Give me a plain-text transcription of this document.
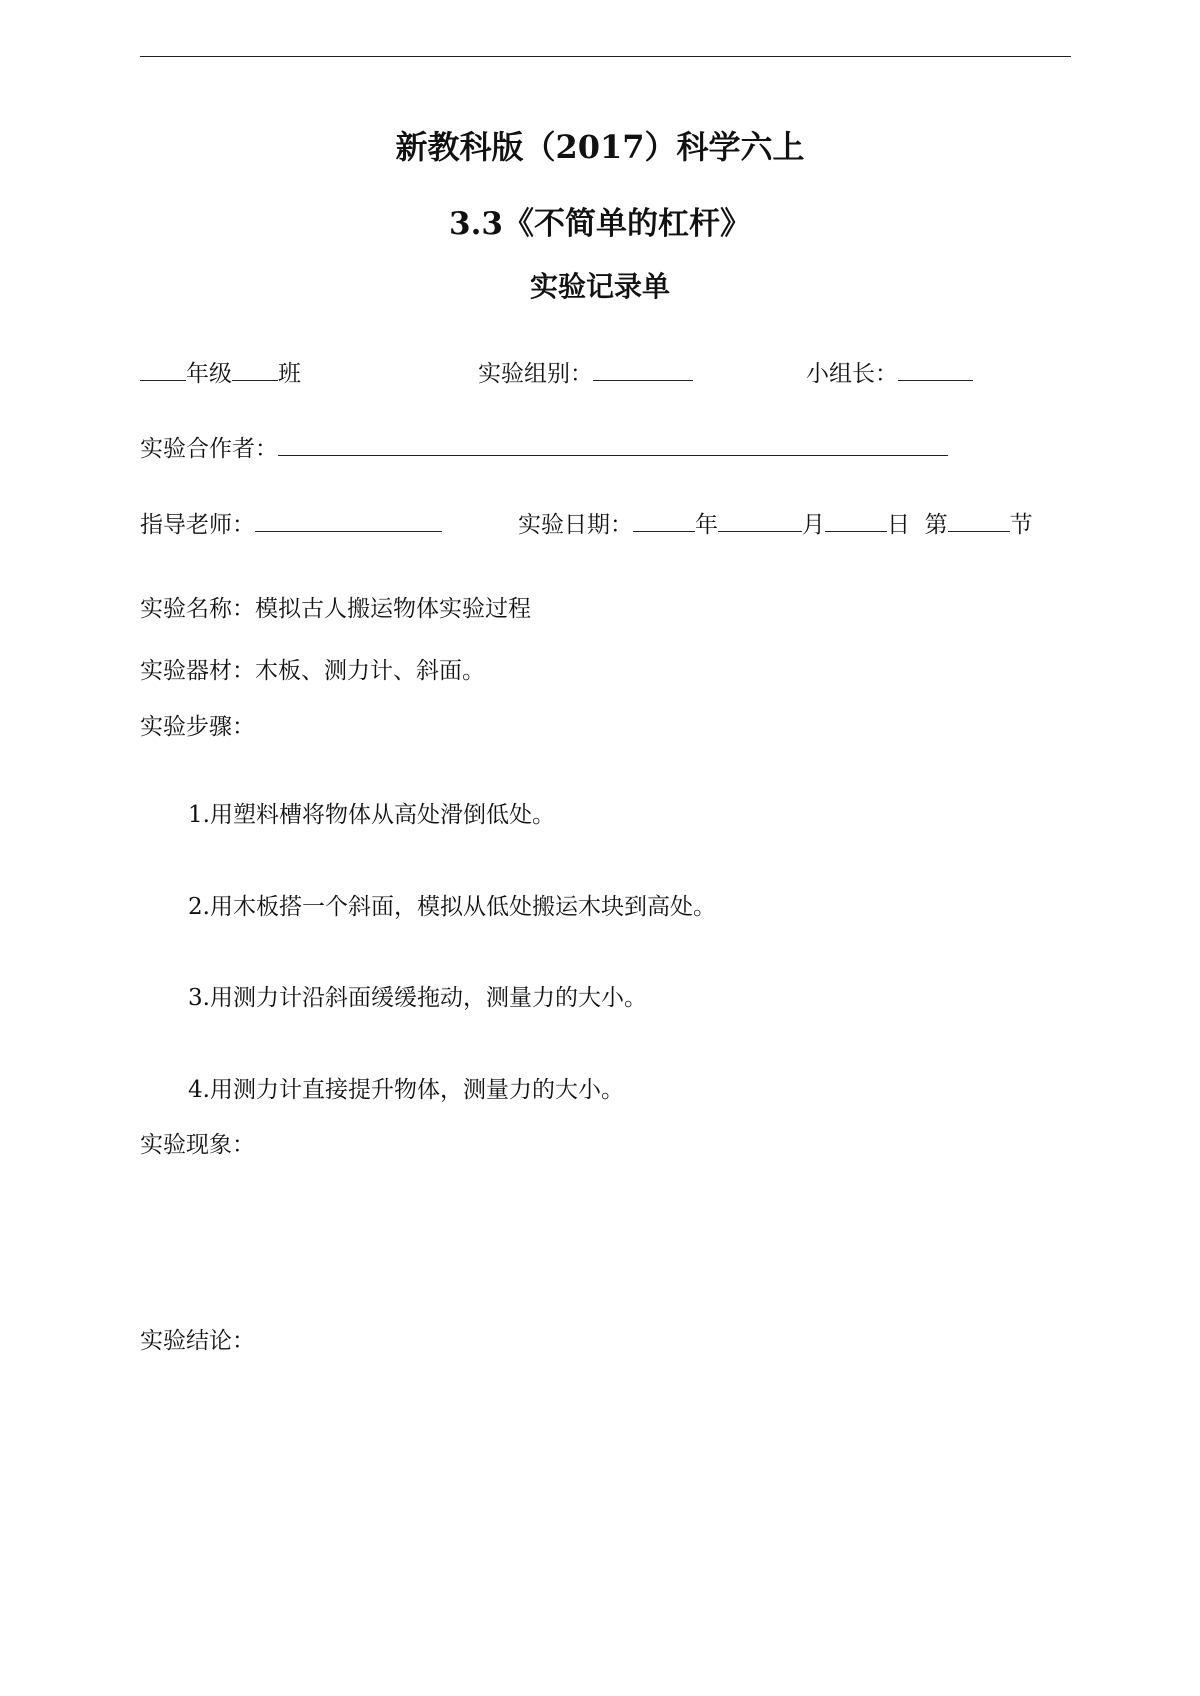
新教科版（2017）科学六上
3.3《不简单的杠杆》
实验记录单
年级 班	实验组别：	小组长：
实验合作者：
指导老师：	实验日期：	年	月	日 第	节
实验名称：模拟古人搬运物体实验过程
实验器材：木板、测力计、斜面。
实验步骤：
1.用塑料槽将物体从高处滑倒低处。
2.用木板搭一个斜面，模拟从低处搬运木块到高处。
3.用测力计沿斜面缓缓拖动，测量力的大小。
4.用测力计直接提升物体，测量力的大小。
实验现象：
实验结论：
